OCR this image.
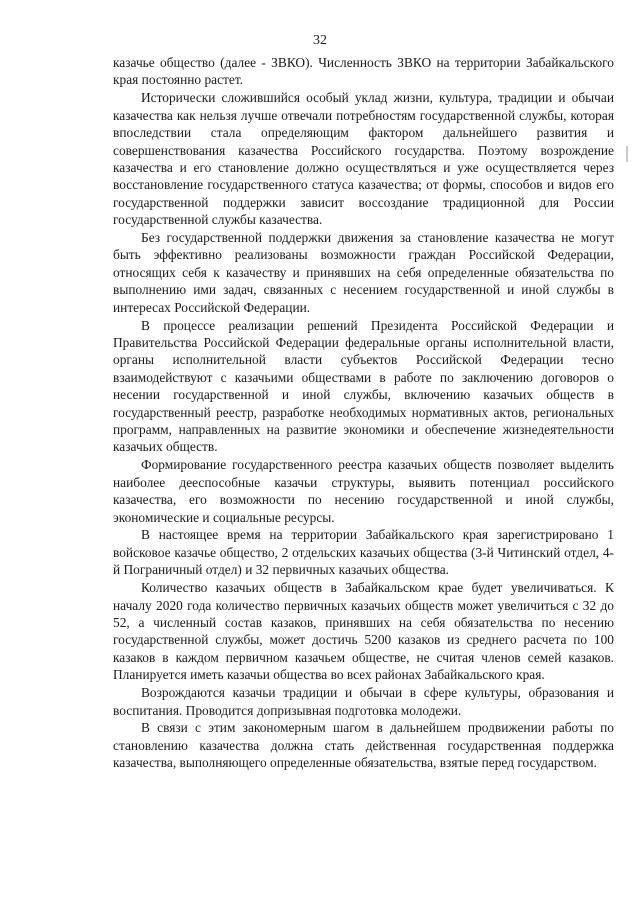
32

казачье общество (далее - ЗВКО). Численность ЗВКО на территории Забайкальского края постоянно растет.

Исторически сложившийся особый уклад жизни, культура, традиции и обычаи казачества как нельзя лучше отвечали потребностям государственной службы, которая впоследствии стала определяющим фактором дальнейшего развития и совершенствования казачества Российского государства. Поэтому возрождение казачества и его становление должно осуществляться и уже осуществляется через восстановление государственного статуса казачества; от формы, способов и видов его государственной поддержки зависит воссоздание традиционной для России государственной службы казачества.

Без государственной поддержки движения за становление казачества не могут быть эффективно реализованы возможности граждан Российской Федерации, относящих себя к казачеству и принявших на себя определенные обязательства по выполнению ими задач, связанных с несением государственной и иной службы в интересах Российской Федерации.

В процессе реализации решений Президента Российской Федерации и Правительства Российской Федерации федеральные органы исполнительной власти, органы исполнительной власти субъектов Российской Федерации тесно взаимодействуют с казачьими обществами в работе по заключению договоров о несении государственной и иной службы, включению казачьих обществ в государственный реестр, разработке необходимых нормативных актов, региональных программ, направленных на развитие экономики и обеспечение жизнедеятельности казачьих обществ.

Формирование государственного реестра казачьих обществ позволяет выделить наиболее дееспособные казачьи структуры, выявить потенциал российского казачества, его возможности по несению государственной и иной службы, экономические и социальные ресурсы.

В настоящее время на территории Забайкальского края зарегистрировано 1 войсковое казачье общество, 2 отдельских казачьих общества (3-й Читинский отдел, 4-й Пограничный отдел) и 32 первичных казачьих общества.

Количество казачьих обществ в Забайкальском крае будет увеличиваться. К началу 2020 года количество первичных казачьих обществ может увеличиться с 32 до 52, а численный состав казаков, принявших на себя обязательства по несению государственной службы, может достичь 5200 казаков из среднего расчета по 100 казаков в каждом первичном казачьем обществе, не считая членов семей казаков. Планируется иметь казачьи общества во всех районах Забайкальского края.

Возрождаются казачьи традиции и обычаи в сфере культуры, образования и воспитания. Проводится допризывная подготовка молодежи.

В связи с этим закономерным шагом в дальнейшем продвижении работы по становлению казачества должна стать действенная государственная поддержка казачества, выполняющего определенные обязательства, взятые перед государством.
